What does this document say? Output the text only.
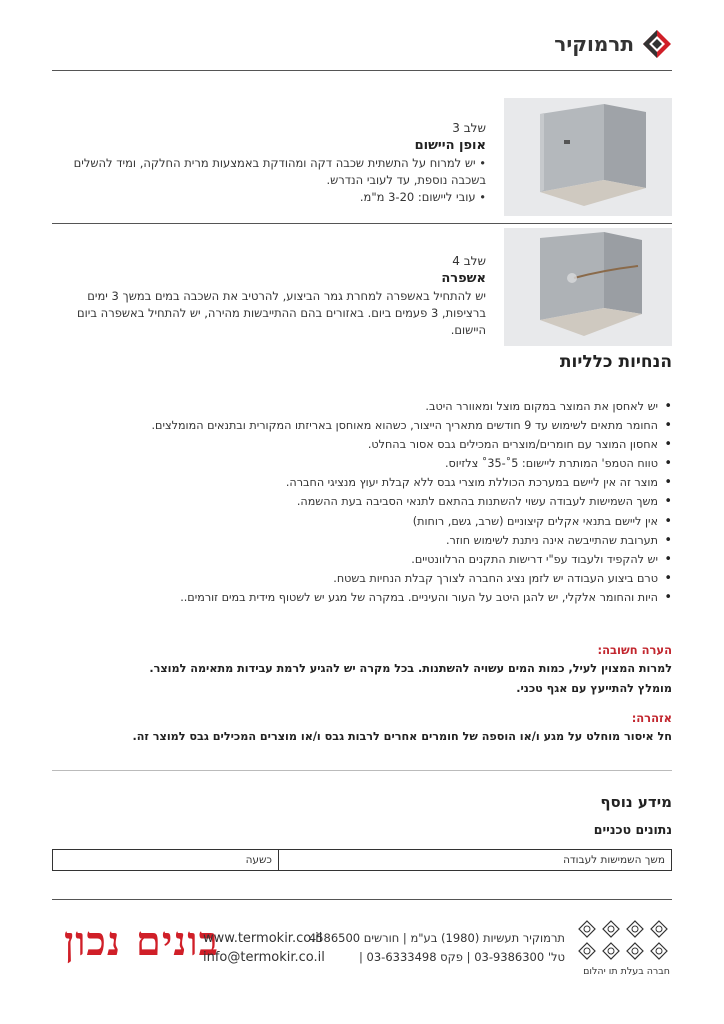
תרמוקיר
שלב 3
אופן היישום

• יש למרוח על התשתית שכבה דקה ומהודקת באמצעות מרית החלקה, ומיד להשלים בשכבה נוספת, עד לעובי הנדרש.

• עובי ליישום: 3-20 מ"מ.

שלב 4
אשפרה

יש להתחיל באשפרה למחרת גמר הביצוע, להרטיב את השכבה במים במשך 3 ימים ברציפות, 3 פעמים ביום. באזורים בהם ההתייבשות מהירה, יש להתחיל באשפרה ביום היישום.

הנחיות כלליות
• יש לאחסן את המוצר במקום מוצל ומאוורר היטב.
• החומר מתאים לשימוש עד 9 חודשים מתאריך הייצור, כשהוא מאוחסן באריזתו המקורית ובתנאים המומלצים.
• אחסון המוצר עם חומרים/מוצרים המכילים גבס אסור בהחלט.
• טווח הטמפ' המותרת ליישום: 5˚-35˚ צלזיוס.
• מוצר זה אין ליישם במערכת הכוללת מוצרי גבס ללא קבלת יעוץ מנציגי החברה.
• משך השמישות לעבודה עשוי להשתנות בהתאם לתנאי הסביבה בעת ההשמה.
• אין ליישם בתנאי אקלים קיצוניים (שרב, גשם, רוחות)
• תערובת שהתייבשה אינה ניתנת לשימוש חוזר.
• יש להקפיד ולעבוד עפ"י דרישות התקנים הרלוונטיים.
• טרם ביצוע העבודה יש לזמן נציג החברה לצורך קבלת הנחיות בשטח.
• היות והחומר אלקלי, יש להגן היטב על העור והעיניים. במקרה של מגע יש לשטוף מידית במים זורמים..
הערה חשובה:
למרות המצוין לעיל, כמות המים עשויה להשתנות. בכל מקרה יש להגיע לרמת עבידות מתאימה למוצר.
מומלץ להתייעץ עם אגף טכני.
אזהרה:
חל איסור מוחלט על מגע ו/או הוספה של חומרים אחרים לרבות גבס ו/או מוצרים המכילים גבס למוצר זה.
מידע נוסף
נתונים טכניים
משך השמישות לעבודה
כשעה
בונים נכון
www.termokir.co.il
info@termokir.co.il
תרמוקיר תעשיות (1980) בע"מ | חורשים 4586500
טל' 03-9386300 | פקס 03-6333498 |
חברה בעלת תו יהלום
